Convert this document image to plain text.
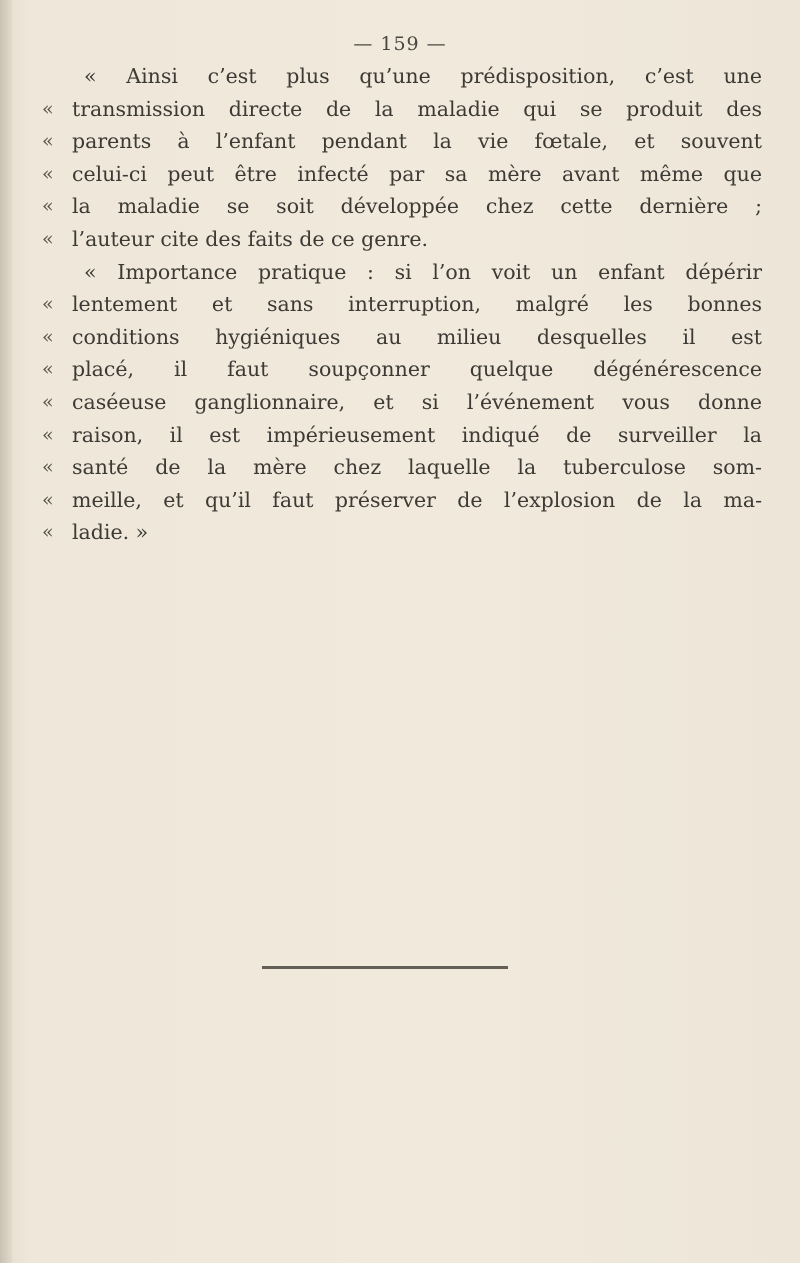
— 159 —
« Ainsi c’est plus qu’une prédisposition, c’est une
« transmission directe de la maladie qui se produit des
« parents à l’enfant pendant la vie fœtale, et souvent
« celui-ci peut être infecté par sa mère avant même que
« la maladie se soit développée chez cette dernière ;
« l’auteur cite des faits de ce genre.
« Importance pratique : si l’on voit un enfant dépérir
« lentement et sans interruption, malgré les bonnes
« conditions hygiéniques au milieu desquelles il est
« placé, il faut soupçonner quelque dégénérescence
« caséeuse ganglionnaire, et si l’événement vous donne
« raison, il est impérieusement indiqué de surveiller la
« santé de la mère chez laquelle la tuberculose som-
« meille, et qu’il faut préserver de l’explosion de la ma-
« ladie. »
